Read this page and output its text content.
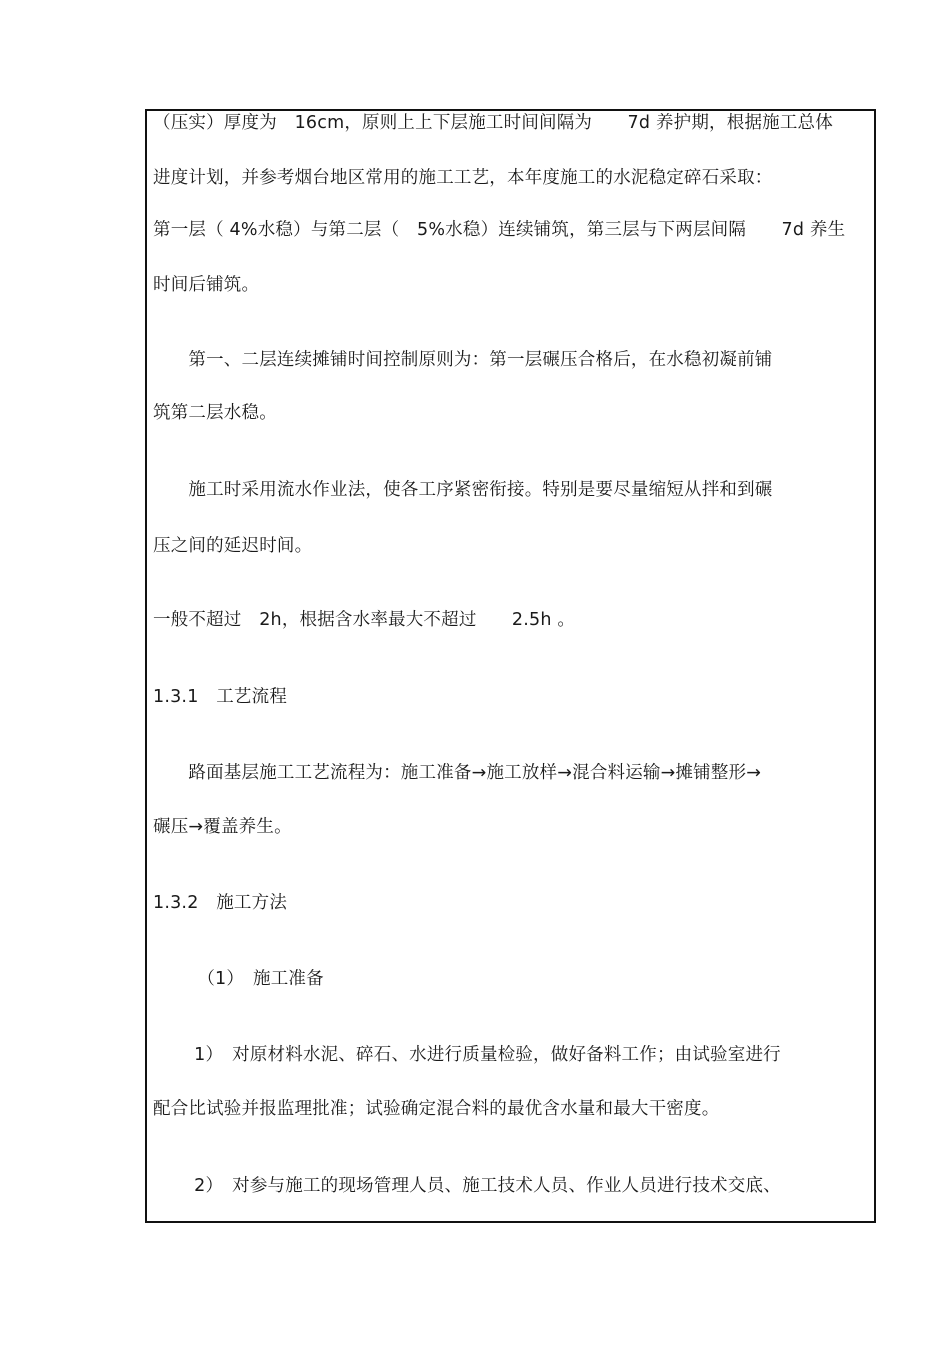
（压实）厚度为　16cm，原则上上下层施工时间间隔为　　7d 养护期，根据施工总体
进度计划，并参考烟台地区常用的施工工艺，本年度施工的水泥稳定碎石采取：
第一层（ 4%水稳）与第二层（　5%水稳）连续铺筑，第三层与下两层间隔　　7d 养生
时间后铺筑。
　　第一、二层连续摊铺时间控制原则为：第一层碾压合格后，在水稳初凝前铺
筑第二层水稳。
　　施工时采用流水作业法，使各工序紧密衔接。特别是要尽量缩短从拌和到碾
压之间的延迟时间。
一般不超过　2h，根据含水率最大不超过　　2.5h 。
1.3.1　工艺流程
　　路面基层施工工艺流程为：施工准备→施工放样→混合料运输→摊铺整形→
碾压→覆盖养生。
1.3.2　施工方法
　　　（1）　施工准备
　　 1）　对原材料水泥、碎石、水进行质量检验，做好备料工作；由试验室进行
配合比试验并报监理批准；试验确定混合料的最优含水量和最大干密度。
　　 2）　对参与施工的现场管理人员、施工技术人员、作业人员进行技术交底、
